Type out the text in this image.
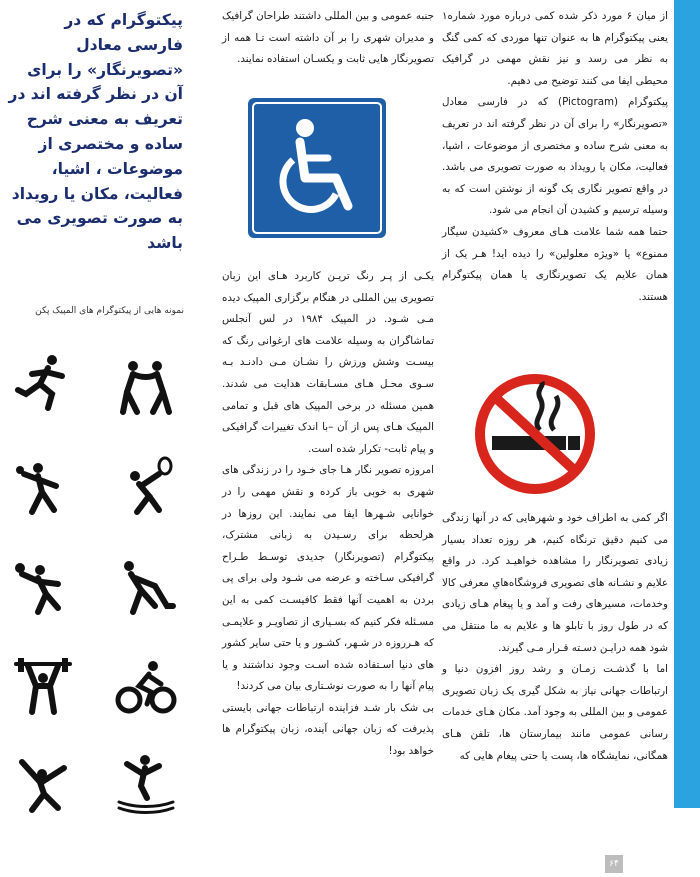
از میان ۶ مورد ذکر شده کمی درباره مورد شماره۱ یعنی پیکتوگرام ها به عنوان تنها موردی که کمی گنگ به نظر می رسد و نیز نقش مهمی در گرافیک محیطی ایفا می کنند توضیح می دهیم.

پیکتوگرام (Pictogram) که در فارسی معادل «تصویرنگار» را برای آن در نظر گرفته اند در تعریف به معنی شرح ساده و مختصری از موضوعات ، اشیا، فعالیت، مکان یا رویداد به صورت تصویری می باشد. در واقع تصویر نگاری یک گونه از نوشتن است که به وسیله ترسیم و کشیدن آن انجام می شود.

حتما همه شما علامت هـای معروف «کشیدن سیگار ممنوع» یا «ویژه معلولین» را دیده اید! هـر یک از همان علایم یک تصویرنگاری یا همان پیکتوگرام هستند.

اگر کمی به اطراف خود و شهرهایی که در آنها زندگی می کنیم دقیق ترنگاه کنیم، هر روزه تعداد بسیار زیادی تصویرنگار را مشاهده خواهیـد کرد. در واقع علایم و نشـانه های تصویری فروشگاه‌هایِ معرفی کالا وخدمات، مسیرهای رفت و آمد و یا پیغام هـای زیادی که در طول روز با تابلو ها و علایم به ما منتقل می شود همه درایـن دسـته قـرار مـی گیرند.

اما با گذشـت زمـان و رشد روز افزون دنیا و ارتباطات جهانی نیاز به شکل گیری یک زبان تصویری عمومی و بین المللی به وجود آمد. مکان هـای خدمات رسانی عمومی مانند بیمارستان ها، تلفن هـای همگانی، نمایشگاه ها، پست یا حتی پیغام هایی که

جنبه عمومی و بین المللی داشتند طراحان گرافیک و مدیران شهری را بر آن داشته است تـا همه از تصویرنگار هایی ثابت و یکسـان استفاده نمایند.

یکـی از پـر رنگ تریـن کاربرد هـای این زبان تصویری بین المللی در هنگام برگزاری المپیک دیده مـی شـود. در المپیک ۱۹۸۴ در لس آنجلس تماشاگران به وسیله علامت های ارغوانی رنگ که بیسـت وشش ورزش را نشـان مـی دادنـد بـه سـوی محـل هـای مسـابقات هدایت می شدند. همین مسئله در برخی المپیک های قبل و تمامی المپیک هـای پس از آن –با اندک تغییرات گرافیکی و پیام ثابت- تکرار شده است.

امروزه تصویر نگار هـا جای خـود را در زندگی های شهری به خوبی باز کرده و نقش مهمی را در خوانایی شـهرها ایفا می نمایند. این روزها در هرلحظه برای رسـیدن به زبانی مشترک، پیکتوگرام (تصویرنگار) جدیدی توسـط طـراح گرافیکی سـاخته و عرضه می شـود ولی برای پی بردن به اهمیت آنها فقط کافیسـت کمی به این مسـئله فکر کنیم که بسـیاری از تصاویـر و علایمـی که هـرروزه در شـهر، کشـور و یا حتی سایر کشور های دنیا اسـتفاده شده اسـت وجود نداشتند و یا پیام آنها را به صورت نوشـتاری بیان می کردند!

بی شک بار شـد فزاینده ارتباطات جهانی بایستی پذیرفت که زبان جهانی آینده، زبان پیکتوگرام ها خواهد بود!

پیکتوگرام که در فارسی معادل «تصویرنگار» را برای آن در نظر گرفته اند در تعریف به معنی شرح ساده و مختصری از موضوعات ، اشیا، فعالیت، مکان یا رویداد به صورت تصویری می باشد
نمونه هایی از پیکتوگرام های المپیک پکن
۶۴
